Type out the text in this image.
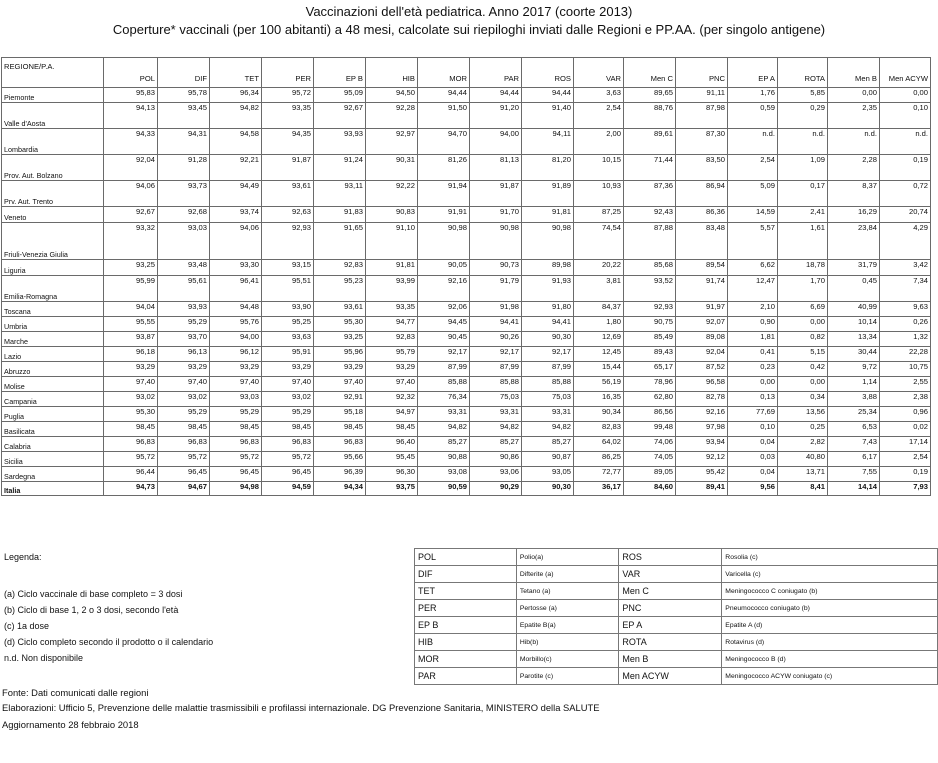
Vaccinazioni dell'età pediatrica. Anno 2017 (coorte 2013)
Coperture* vaccinali (per 100 abitanti) a 48 mesi, calcolate sui riepiloghi inviati dalle Regioni e PP.AA. (per singolo antigene)
REGIONE/P.A.	POL	DIF	TET	PER	EP B	HIB	MOR	PAR	ROS	VAR	Men C	PNC	EP A	ROTA	Men B	Men ACYW
Piemonte	95,83	95,78	96,34	95,72	95,09	94,50	94,44	94,44	94,44	3,63	89,65	91,11	1,76	5,85	0,00	0,00
Valle d'Aosta	94,13	93,45	94,82	93,35	92,67	92,28	91,50	91,20	91,40	2,54	88,76	87,98	0,59	0,29	2,35	0,10
Lombardia	94,33	94,31	94,58	94,35	93,93	92,97	94,70	94,00	94,11	2,00	89,61	87,30	n.d.	n.d.	n.d.	n.d.
Prov. Aut. Bolzano	92,04	91,28	92,21	91,87	91,24	90,31	81,26	81,13	81,20	10,15	71,44	83,50	2,54	1,09	2,28	0,19
Prv. Aut. Trento	94,06	93,73	94,49	93,61	93,11	92,22	91,94	91,87	91,89	10,93	87,36	86,94	5,09	0,17	8,37	0,72
Veneto	92,67	92,68	93,74	92,63	91,83	90,83	91,91	91,70	91,81	87,25	92,43	86,36	14,59	2,41	16,29	20,74
Friuli-Venezia Giulia	93,32	93,03	94,06	92,93	91,65	91,10	90,98	90,98	90,98	74,54	87,88	83,48	5,57	1,61	23,84	4,29
Liguria	93,25	93,48	93,30	93,15	92,83	91,81	90,05	90,73	89,98	20,22	85,68	89,54	6,62	18,78	31,79	3,42
Emilia-Romagna	95,99	95,61	96,41	95,51	95,23	93,99	92,16	91,79	91,93	3,81	93,52	91,74	12,47	1,70	0,45	7,34
Toscana	94,04	93,93	94,48	93,90	93,61	93,35	92,06	91,98	91,80	84,37	92,93	91,97	2,10	6,69	40,99	9,63
Umbria	95,55	95,29	95,76	95,25	95,30	94,77	94,45	94,41	94,41	1,80	90,75	92,07	0,90	0,00	10,14	0,26
Marche	93,87	93,70	94,00	93,63	93,25	92,83	90,45	90,26	90,30	12,69	85,49	89,08	1,81	0,82	13,34	1,32
Lazio	96,18	96,13	96,12	95,91	95,96	95,79	92,17	92,17	92,17	12,45	89,43	92,04	0,41	5,15	30,44	22,28
Abruzzo	93,29	93,29	93,29	93,29	93,29	93,29	87,99	87,99	87,99	15,44	65,17	87,52	0,23	0,42	9,72	10,75
Molise	97,40	97,40	97,40	97,40	97,40	97,40	85,88	85,88	85,88	56,19	78,96	96,58	0,00	0,00	1,14	2,55
Campania	93,02	93,02	93,03	93,02	92,91	92,32	76,34	75,03	75,03	16,35	62,80	82,78	0,13	0,34	3,88	2,38
Puglia	95,30	95,29	95,29	95,29	95,18	94,97	93,31	93,31	93,31	90,34	86,56	92,16	77,69	13,56	25,34	0,96
Basilicata	98,45	98,45	98,45	98,45	98,45	98,45	94,82	94,82	94,82	82,83	99,48	97,98	0,10	0,25	6,53	0,02
Calabria	96,83	96,83	96,83	96,83	96,83	96,40	85,27	85,27	85,27	64,02	74,06	93,94	0,04	2,82	7,43	17,14
Sicilia	95,72	95,72	95,72	95,72	95,66	95,45	90,88	90,86	90,87	86,25	74,05	92,12	0,03	40,80	6,17	2,54
Sardegna	96,44	96,45	96,45	96,45	96,39	96,30	93,08	93,06	93,05	72,77	89,05	95,42	0,04	13,71	7,55	0,19
Italia	94,73	94,67	94,98	94,59	94,34	93,75	90,59	90,29	90,30	36,17	84,60	89,41	9,56	8,41	14,14	7,93
Legenda:
(a) Ciclo vaccinale di base completo = 3 dosi
(b) Ciclo di base 1, 2 o 3 dosi, secondo l'età
(c) 1a dose
(d) Ciclo completo secondo il prodotto o il calendario
n.d. Non disponibile
POL	Polio(a)	ROS	Rosolia (c)
DIF	Difterite (a)	VAR	Varicella (c)
TET	Tetano (a)	Men C	Meningococco C coniugato (b)
PER	Pertosse (a)	PNC	Pneumococco coniugato (b)
EP B	Epatite B(a)	EP A	Epatite A (d)
HIB	Hib(b)	ROTA	Rotavirus (d)
MOR	Morbillo(c)	Men B	Meningococco B (d)
PAR	Parotite (c)	Men ACYW	Meningococco ACYW coniugato (c)
Fonte: Dati comunicati dalle regioni
Elaborazioni: Ufficio 5, Prevenzione delle malattie trasmissibili e profilassi internazionale. DG Prevenzione Sanitaria, MINISTERO della SALUTE
Aggiornamento 28 febbraio 2018
